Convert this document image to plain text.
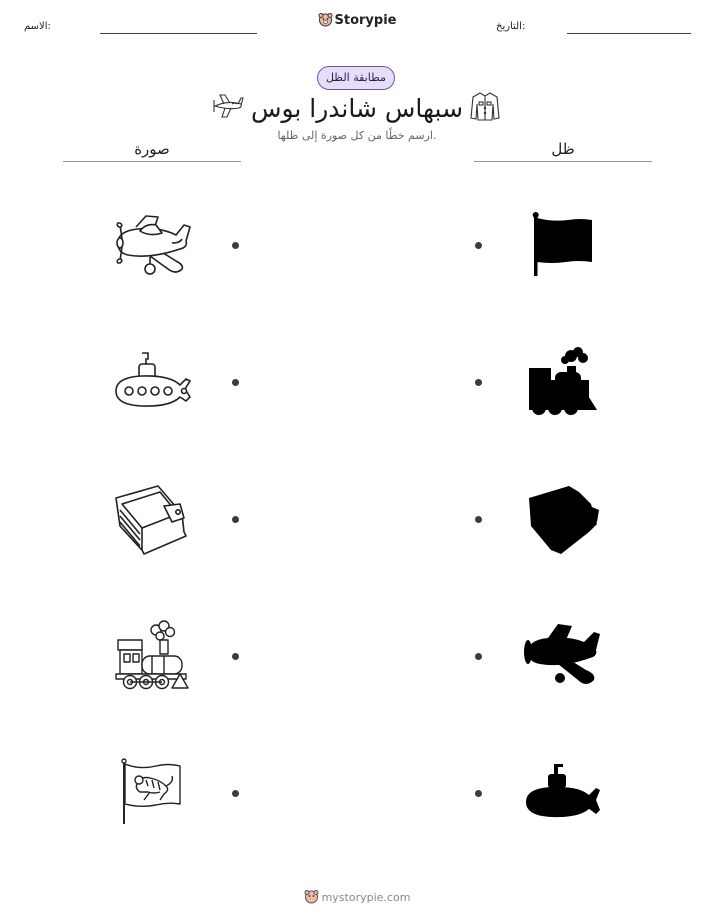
الاسم:	Storypie	التاريخ:
مطابقة الظل
سبهاس شاندرا بوس
ارسم خطًا من كل صورة إلى ظلها.
صورة	ظل
mystorypie.com
